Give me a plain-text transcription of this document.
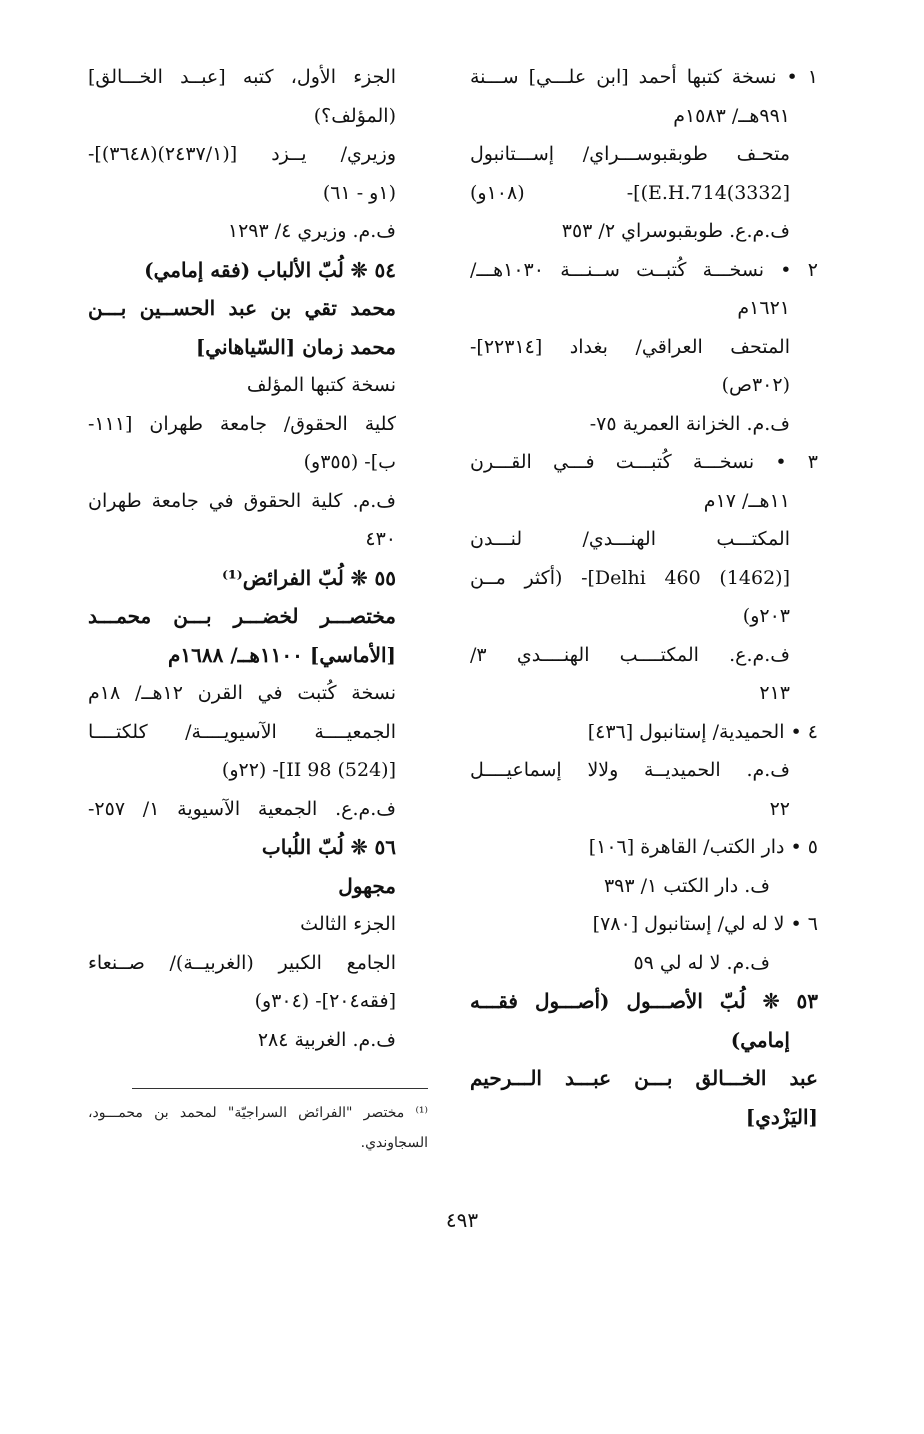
١ • نسخة كتبها أحمد [ابن علـــي] ســـنة
٩٩١هــ/ ١٥٨٣م
متحـف طوبقبوســـراي/ إســـتانبول
[3332)E.H.714)]- (١٠٨و)
ف.م.ع. طوبقبوسراي ٢/ ٣٥٣
٢ • نسخـــة كُتبــت ســنـــة ١٠٣٠هـــ/
١٦٢١م
المتحف العراقي/ بغداد [٢٢٣١٤]-
(٣٠٢ص)
ف.م. الخزانة العمرية ٧٥-
٣ • نسخـــة كُتبـــت فـــي القـــرن
١١هــ/ ١٧م
المكتـــب الهنـــدي/ لنـــدن
[Delhi 460 (1462)]- (أكثر مــن
٢٠٣و)
ف.م.ع. المكتــــب الهنــــدي ٣/
٢١٣
٤ • الحميدية/ إستانبول [٤٣٦]
ف.م. الحميديــة ولالا إسماعيــــل
٢٢
٥ • دار الكتب/ القاهرة [١٠٦]
ف. دار الكتب ١/ ٣٩٣
٦ • لا له لي/ إستانبول [٧٨٠]
ف.م. لا له لي ٥٩
٥٣ ❊ لُبّ الأصـــول (أصـــول فقـــه
إمامي)
عبد الخـــالق بـــن عبـــد الـــرحيم
[اليَزْدي]
الجزء الأول، كتبه [عبــد الخـــالق]
(المؤلف؟)
وزيري/ يــزد [(٢٤٣٧/١)(٣٦٤٨)]-
(١و - ٦١)
ف.م. وزيري ٤/ ١٢٩٣
٥٤ ❊ لُبّ الألباب (فقه إمامي)
محمد تقي بن عبد الحســين بـــن
محمد زمان [السّياهاني]
نسخة كتبها المؤلف
كلية الحقوق/ جامعة طهران [١١١-
ب]- (٣٥٥و)
ف.م. كلية الحقوق في جامعة طهران
٤٣٠
٥٥ ❊ لُبّ الفرائض⁽¹⁾
مختصـــر لخضـــر بـــن محمـــد
[الأماسي] ١١٠٠هــ/ ١٦٨٨م
نسخة كُتبت في القرن ١٢هــ/ ١٨م
الجمعيــــة الآسيويــــة/ كلكتــــا
[II 98 (524)]- (٢٢و)
ف.م.ع. الجمعية الآسيوية ١/ ٢٥٧-
٥٦ ❊ لُبّ اللُباب
مجهول
الجزء الثالث
الجامع الكبير (الغربيــة)/ صــنعاء
[فقه٢٠٤]- (٣٠٤و)
ف.م. الغربية ٢٨٤
⁽¹⁾ مختصر "الفرائض السراجيّة" لمحمد بن محمـــود،
السجاوندي.
٤٩٣
